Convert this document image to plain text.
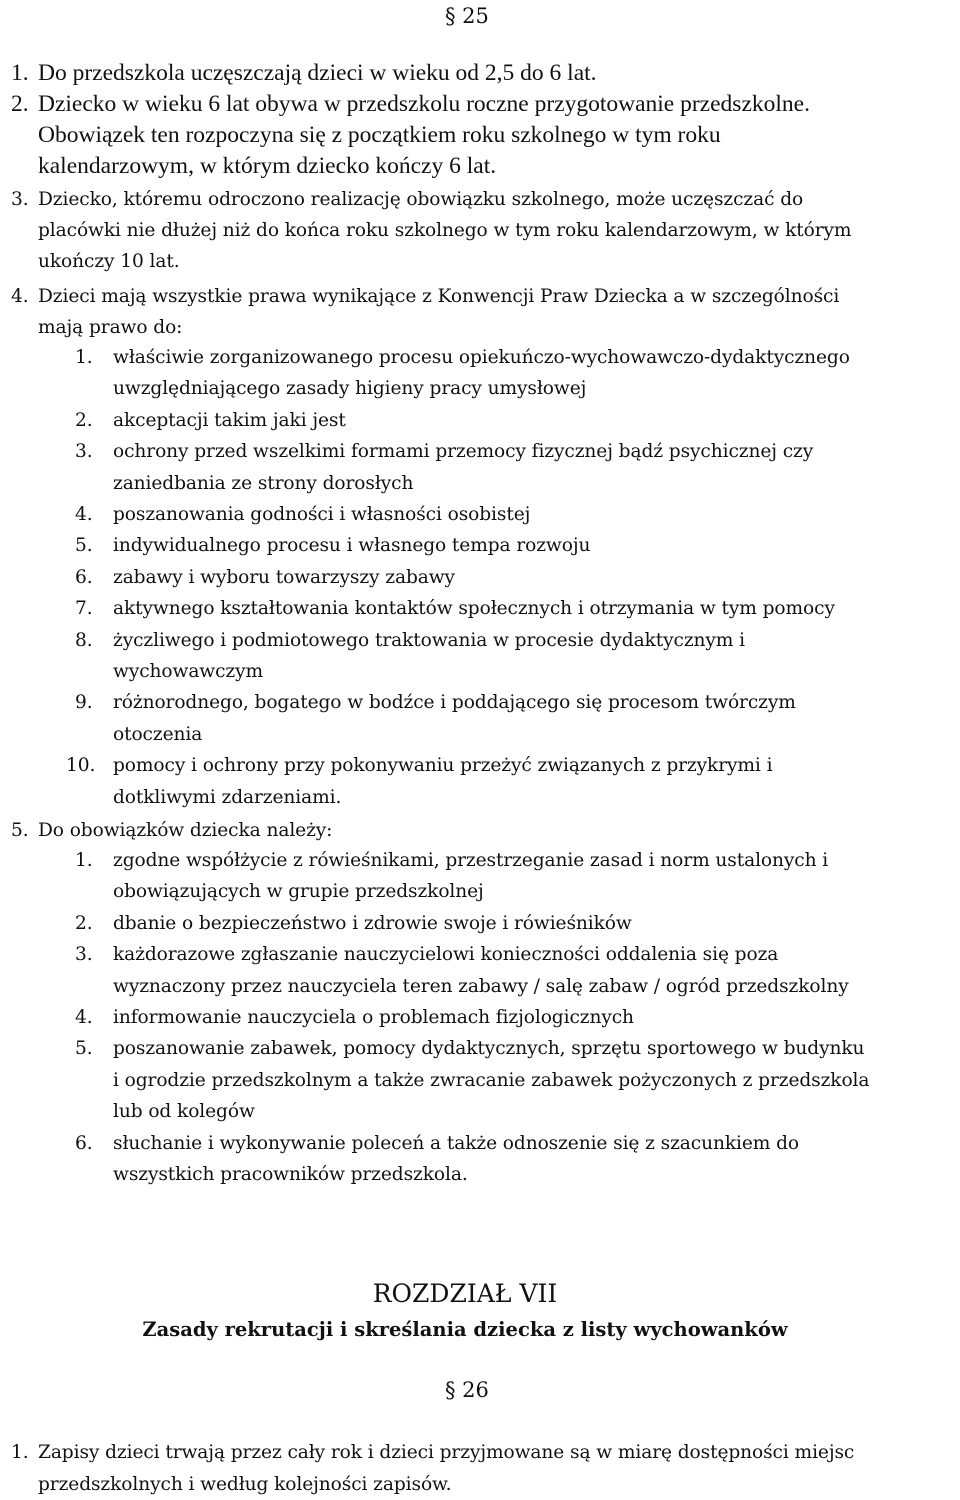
§ 25
1. Do przedszkola uczęszczają dzieci w wieku od 2,5 do 6 lat.
2. Dziecko w wieku 6 lat obywa w przedszkolu roczne przygotowanie przedszkolne.
Obowiązek ten rozpoczyna się z początkiem roku szkolnego w tym roku
kalendarzowym, w którym dziecko kończy 6 lat.
3. Dziecko, któremu odroczono realizację obowiązku szkolnego, może uczęszczać do
placówki nie dłużej niż do końca roku szkolnego w tym roku kalendarzowym, w którym
ukończy 10 lat.
4. Dzieci mają wszystkie prawa wynikające z Konwencji Praw Dziecka a w szczególności
mają prawo do:
1.	właściwie zorganizowanego procesu opiekuńczo-wychowawczo-dydaktycznego
uwzględniającego zasady higieny pracy umysłowej
2.	akceptacji takim jaki jest
3.	ochrony przed wszelkimi formami przemocy fizycznej bądź psychicznej czy
zaniedbania ze strony dorosłych
4.	poszanowania godności i własności osobistej
5.	indywidualnego procesu i własnego tempa rozwoju
6.	zabawy i wyboru towarzyszy zabawy
7.	aktywnego kształtowania kontaktów społecznych i otrzymania w tym pomocy
8.	życzliwego i podmiotowego traktowania w procesie dydaktycznym i
wychowawczym
9.	różnorodnego, bogatego w bodźce i poddającego się procesom twórczym
otoczenia
10. pomocy i ochrony przy pokonywaniu przeżyć związanych z przykrymi i
dotkliwymi zdarzeniami.
5. Do obowiązków dziecka należy:
1.	zgodne współżycie z rówieśnikami, przestrzeganie zasad i norm ustalonych i
obowiązujących w grupie przedszkolnej
2.	dbanie o bezpieczeństwo i zdrowie swoje i rówieśników
3.	każdorazowe zgłaszanie nauczycielowi konieczności oddalenia się poza
wyznaczony przez nauczyciela teren zabawy / salę zabaw / ogród przedszkolny
4.	informowanie nauczyciela o problemach fizjologicznych
5.	poszanowanie zabawek, pomocy dydaktycznych, sprzętu sportowego w budynku
i ogrodzie przedszkolnym a także zwracanie zabawek pożyczonych z przedszkola
lub od kolegów
6.	słuchanie i wykonywanie poleceń a także odnoszenie się z szacunkiem do
wszystkich pracowników przedszkola.
ROZDZIAŁ VII
Zasady rekrutacji i skreślania dziecka z listy wychowanków
§ 26
1. Zapisy dzieci trwają przez cały rok i dzieci przyjmowane są w miarę dostępności miejsc
przedszkolnych i według kolejności zapisów.
